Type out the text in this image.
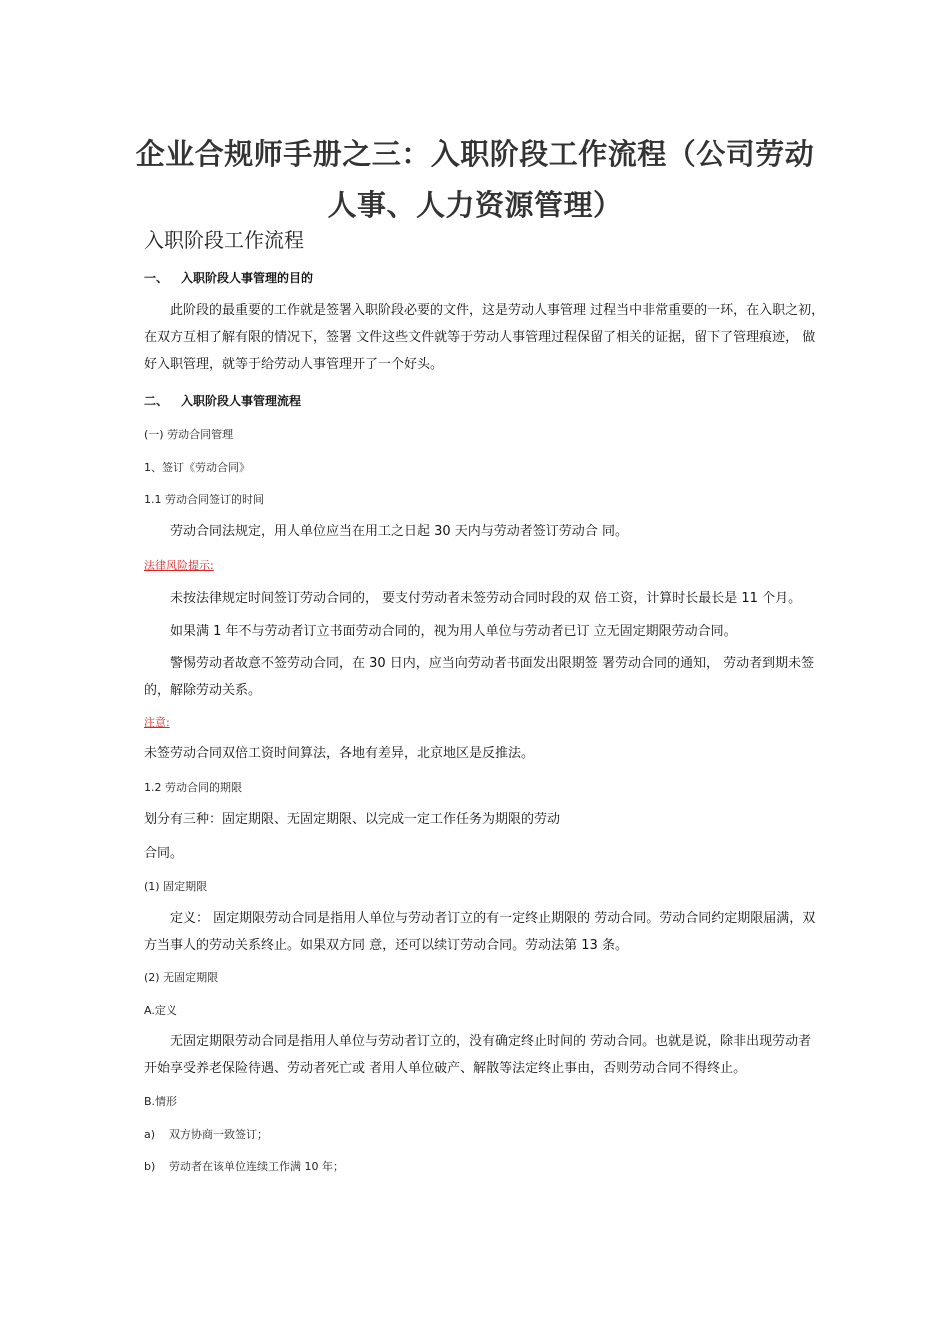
企业合规师手册之三：入职阶段工作流程（公司劳动
人事、人力资源管理）
入职阶段工作流程
一、 入职阶段人事管理的目的
此阶段的最重要的工作就是签署入职阶段必要的文件，这是劳动人事管理 过程当中非常重要的一环，在入职之初，
在双方互相了解有限的情况下，签署 文件这些文件就等于劳动人事管理过程保留了相关的证据，留下了管理痕迹， 做
好入职管理，就等于给劳动人事管理开了一个好头。
二、 入职阶段人事管理流程
(一) 劳动合同管理
1、签订《劳动合同》
1.1 劳动合同签订的时间
劳动合同法规定，用人单位应当在用工之日起 30 天内与劳动者签订劳动合 同。
法律风险提示:
未按法律规定时间签订劳动合同的， 要支付劳动者未签劳动合同时段的双 倍工资，计算时长最长是 11 个月。
如果满 1 年不与劳动者订立书面劳动合同的，视为用人单位与劳动者已订 立无固定期限劳动合同。
警惕劳动者故意不签劳动合同，在 30 日内，应当向劳动者书面发出限期签 署劳动合同的通知， 劳动者到期未签
的，解除劳动关系。
注意:
未签劳动合同双倍工资时间算法，各地有差异，北京地区是反推法。
1.2 劳动合同的期限
划分有三种：固定期限、无固定期限、以完成一定工作任务为期限的劳动
合同。
(1) 固定期限
定义： 固定期限劳动合同是指用人单位与劳动者订立的有一定终止期限的 劳动合同。劳动合同约定期限届满，双
方当事人的劳动关系终止。如果双方同 意，还可以续订劳动合同。劳动法第 13 条。
(2) 无固定期限
A.定义
无固定期限劳动合同是指用人单位与劳动者订立的，没有确定终止时间的 劳动合同。也就是说，除非出现劳动者
开始享受养老保险待遇、劳动者死亡或 者用人单位破产、解散等法定终止事由，否则劳动合同不得终止。
B.情形
a) 双方协商一致签订；
b) 劳动者在该单位连续工作满 10 年；
